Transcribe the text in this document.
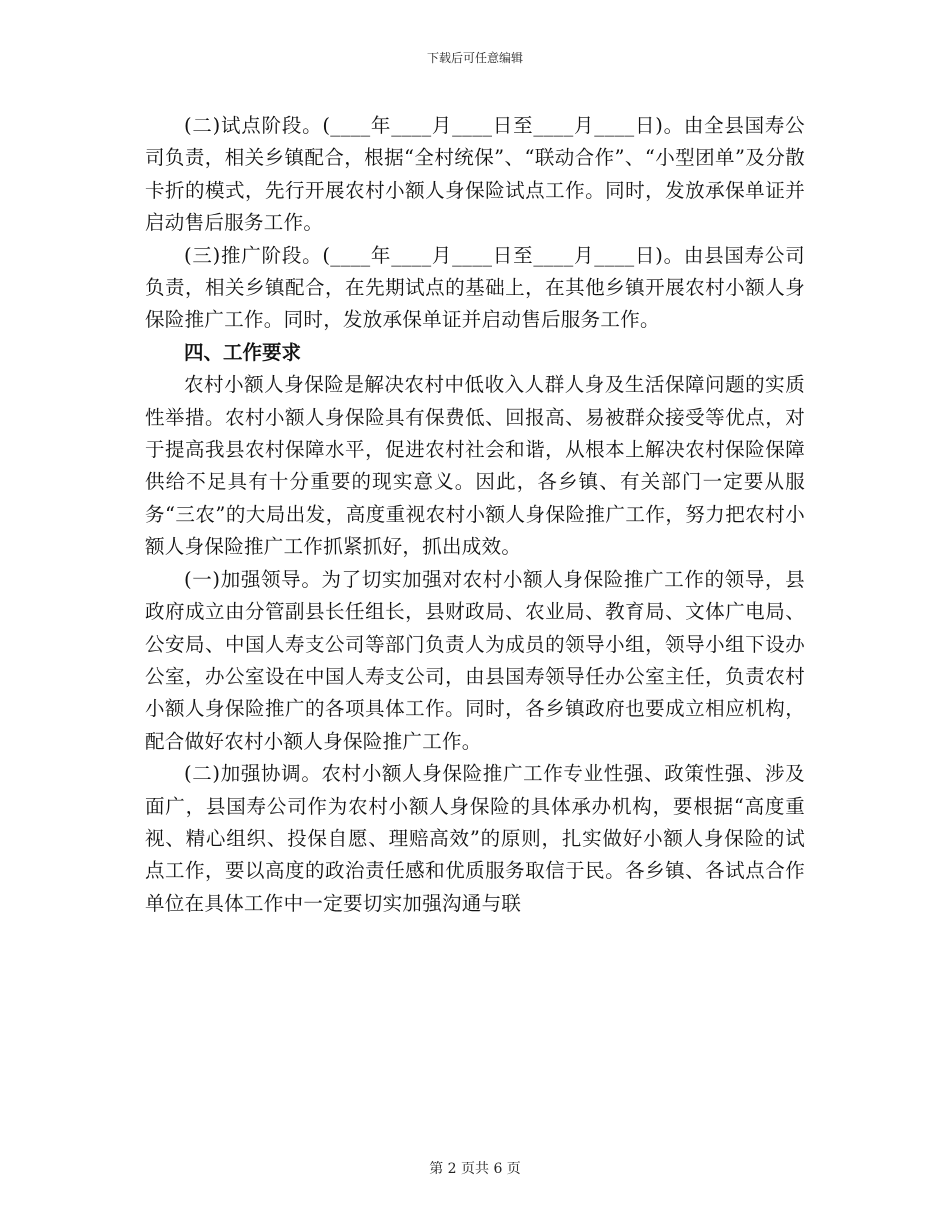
下载后可任意编辑

(二)试点阶段。(____年____月____日至____月____日)。由全县国寿公司负责，相关乡镇配合，根据“全村统保”、“联动合作”、“小型团单”及分散卡折的模式，先行开展农村小额人身保险试点工作。同时，发放承保单证并启动售后服务工作。

(三)推广阶段。(____年____月____日至____月____日)。由县国寿公司负责，相关乡镇配合，在先期试点的基础上，在其他乡镇开展农村小额人身保险推广工作。同时，发放承保单证并启动售后服务工作。

四、工作要求

农村小额人身保险是解决农村中低收入人群人身及生活保障问题的实质性举措。农村小额人身保险具有保费低、回报高、易被群众接受等优点，对于提高我县农村保障水平，促进农村社会和谐，从根本上解决农村保险保障供给不足具有十分重要的现实意义。因此，各乡镇、有关部门一定要从服务“三农”的大局出发，高度重视农村小额人身保险推广工作，努力把农村小额人身保险推广工作抓紧抓好，抓出成效。

(一)加强领导。为了切实加强对农村小额人身保险推广工作的领导，县政府成立由分管副县长任组长，县财政局、农业局、教育局、文体广电局、公安局、中国人寿支公司等部门负责人为成员的领导小组，领导小组下设办公室，办公室设在中国人寿支公司，由县国寿领导任办公室主任，负责农村小额人身保险推广的各项具体工作。同时，各乡镇政府也要成立相应机构，配合做好农村小额人身保险推广工作。

(二)加强协调。农村小额人身保险推广工作专业性强、政策性强、涉及面广，县国寿公司作为农村小额人身保险的具体承办机构，要根据“高度重视、精心组织、投保自愿、理赔高效”的原则，扎实做好小额人身保险的试点工作，要以高度的政治责任感和优质服务取信于民。各乡镇、各试点合作单位在具体工作中一定要切实加强沟通与联

第 2 页共 6 页
